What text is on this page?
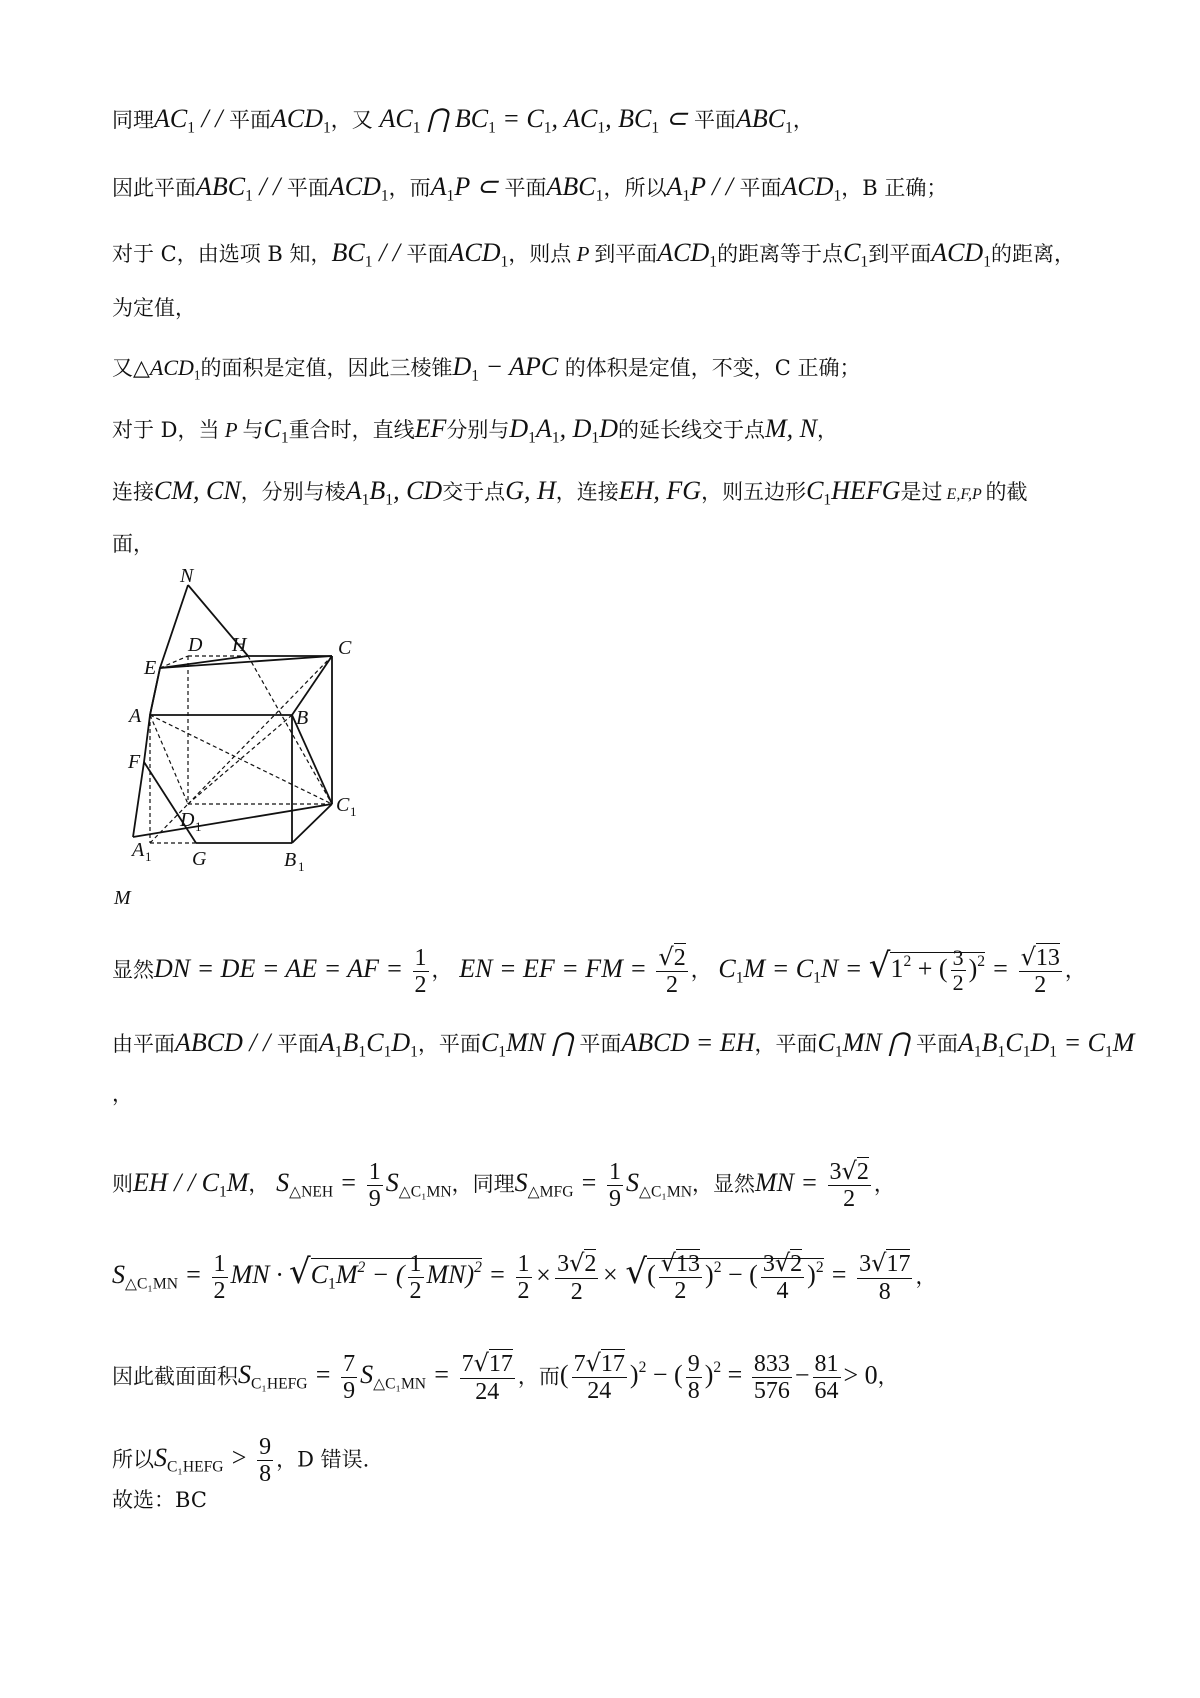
同理$AC_1$ / / 平面$ACD_1$，又 $AC_1$ ⋂ $BC_1 = C_1$, $AC_1$, $BC_1$ ⊂ 平面$ABC_1$，
因此平面$ABC_1$ / / 平面$ACD_1$，而$A_1P$ ⊂ 平面$ABC_1$，所以$A_1P$ / / 平面$ACD_1$，B 正确；
对于 C，由选项 B 知，$BC_1$ / / 平面$ACD_1$，则点 P 到平面$ACD_1$的距离等于点$C_1$到平面$ACD_1$的距离，
为定值，
又$\triangle ACD_1$的面积是定值，因此三棱锥$D_1$ − APC 的体积是定值，不变，C 正确；
对于 D，当 P 与$C_1$重合时，直线EF分别与$D_1A_1$, $D_1D$的延长线交于点M, N，
连接CM, CN，分别与棱$A_1B_1$, CD交于点G, H，连接EH, FG，则五边形$C_1HEFG$是过 E,F,P 的截
面，
N
D H	C
E
A	B
F
D 1
C 1
A 1 G	B 1
M
显然DN = DE = AE = AF = $\frac{1}{2}$ ， EN = EF = FM = $\frac{√2}{2}$ ， $C_1M = C_1N = √1^2$ + ( $\frac{3}{2} )^2 = \frac{√13}{2}$ ，
由平面ABCD / / 平面$A_1B_1C_1D_1$，平面$C_1MN$ ⋂ 平面ABCD = EH，平面$C_1MN$ ⋂ 平面$A_1B_1C_1D_1 = C_1M$
，
则EH / / $C_1M$， $S_{\triangle NEH} = \frac{1}{9} S_{\triangle C_1MN}$，同理$S_{\triangle MFG} = \frac{1}{9} S_{\triangle C_1MN}$，显然MN = $\frac{3√2}{2}$ ，
$S_{\triangle C_1MN} = \frac{1}{2}$ MN · $√C_1M^2$ − ( $\frac{1}{2} MN)^2 = \frac{1}{2} \times \frac{3√2}{2}$ × √( $\frac{√13}{2} )^2$ − ( $\frac{3√2}{4} )^2 = \frac{3√17}{8}$ ，
因此截面面积$S_{C_1HEFG} = \frac{7}{9} S_{\triangle C_1MN} = \frac{7√17}{24}$ ，而( $\frac{7√17}{24} )^2$ − ( $\frac{9}{8} )^2 = \frac{833}{576} - \frac{81}{64} > 0$，
所以$S_{C_1HEFG} > \frac{9}{8}$ ，D 错误.
故选：BC
